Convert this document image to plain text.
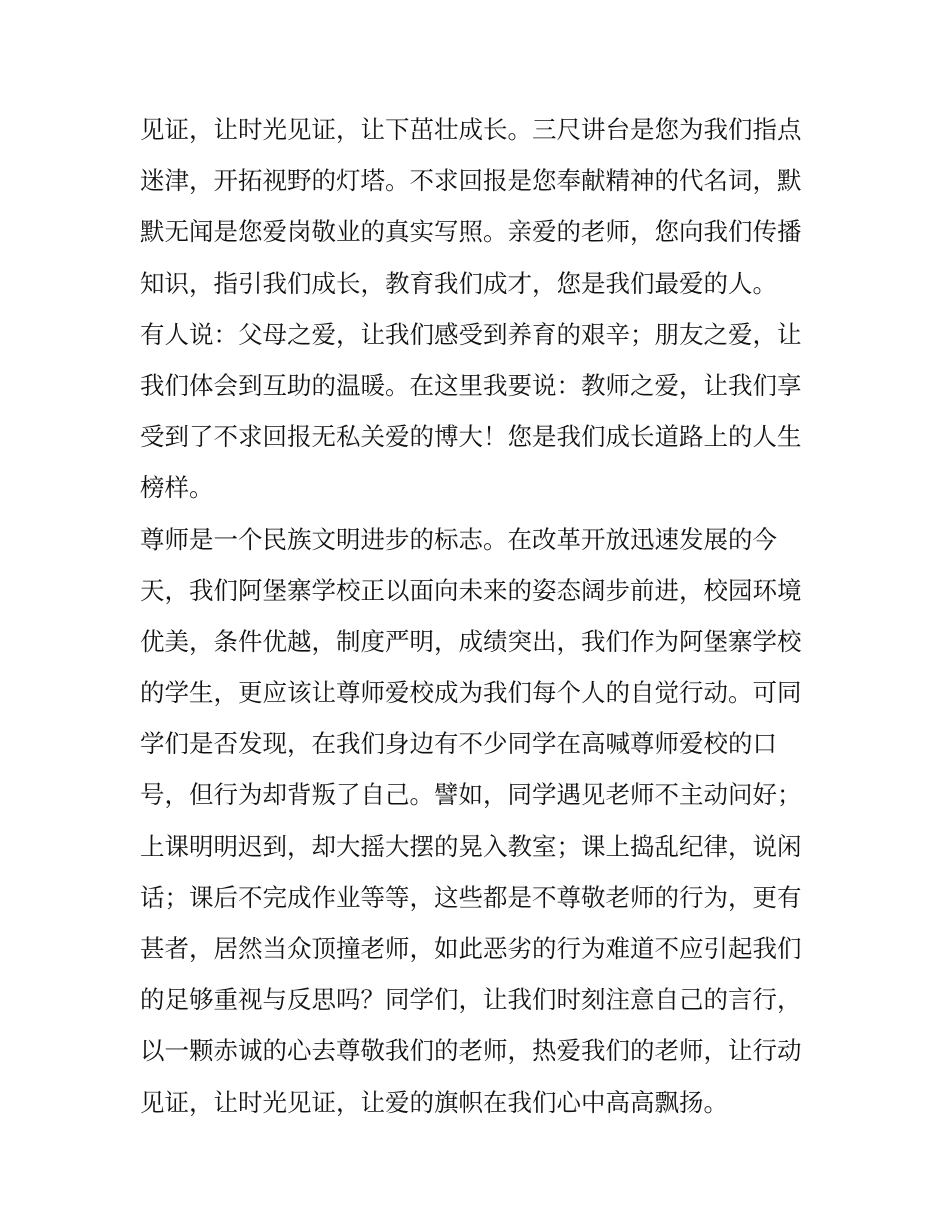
见证，让时光见证，让下茁壮成长。三尺讲台是您为我们指点
迷津，开拓视野的灯塔。不求回报是您奉献精神的代名词，默
默无闻是您爱岗敬业的真实写照。亲爱的老师，您向我们传播
知识，指引我们成长，教育我们成才，您是我们最爱的人。
有人说：父母之爱，让我们感受到养育的艰辛；朋友之爱，让
我们体会到互助的温暖。在这里我要说：教师之爱，让我们享
受到了不求回报无私关爱的博大！您是我们成长道路上的人生
榜样。
尊师是一个民族文明进步的标志。在改革开放迅速发展的今
天，我们阿堡寨学校正以面向未来的姿态阔步前进，校园环境
优美，条件优越，制度严明，成绩突出，我们作为阿堡寨学校
的学生，更应该让尊师爱校成为我们每个人的自觉行动。可同
学们是否发现，在我们身边有不少同学在高喊尊师爱校的口
号，但行为却背叛了自己。譬如，同学遇见老师不主动问好；
上课明明迟到，却大摇大摆的晃入教室；课上捣乱纪律，说闲
话；课后不完成作业等等，这些都是不尊敬老师的行为，更有
甚者，居然当众顶撞老师，如此恶劣的行为难道不应引起我们
的足够重视与反思吗？同学们，让我们时刻注意自己的言行，
以一颗赤诚的心去尊敬我们的老师，热爱我们的老师，让行动
见证，让时光见证，让爱的旗帜在我们心中高高飘扬。
